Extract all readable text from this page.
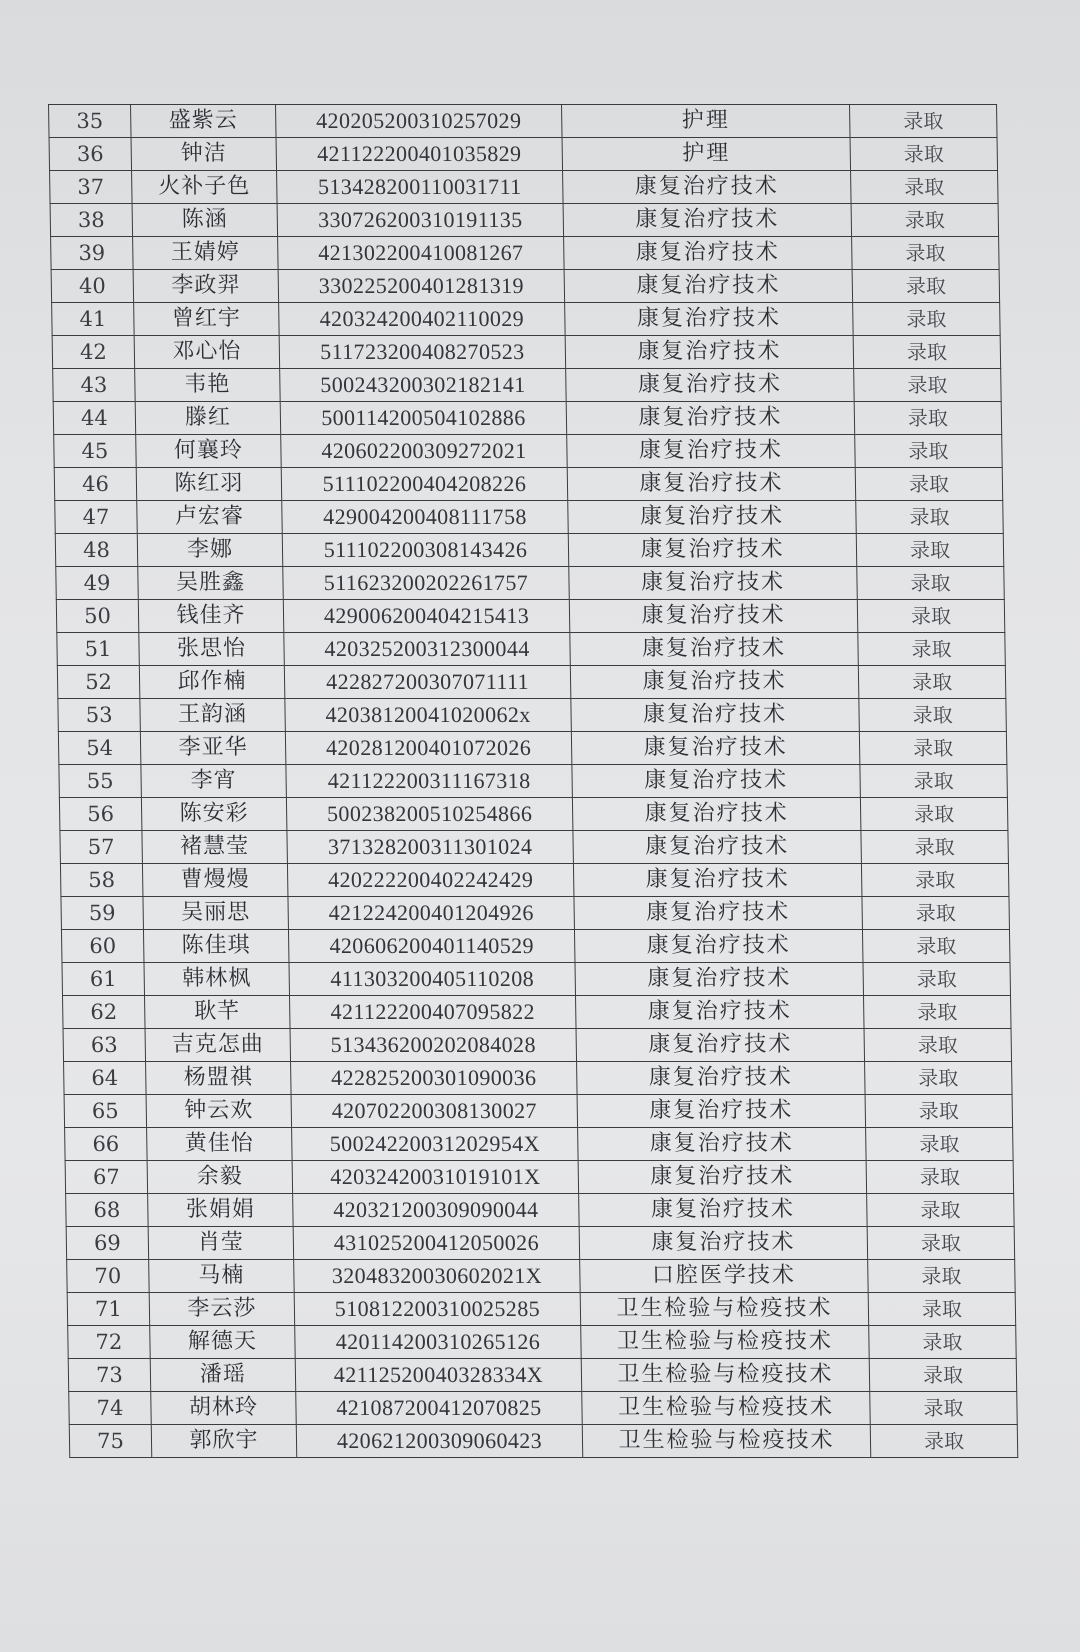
35	盛紫云	420205200310257029	护理	录取
36	钟洁	421122200401035829	护理	录取
37	火补子色	513428200110031711	康复治疗技术	录取
38	陈涵	330726200310191135	康复治疗技术	录取
39	王婧婷	421302200410081267	康复治疗技术	录取
40	李政羿	330225200401281319	康复治疗技术	录取
41	曾红宇	420324200402110029	康复治疗技术	录取
42	邓心怡	511723200408270523	康复治疗技术	录取
43	韦艳	500243200302182141	康复治疗技术	录取
44	滕红	500114200504102886	康复治疗技术	录取
45	何襄玲	420602200309272021	康复治疗技术	录取
46	陈红羽	511102200404208226	康复治疗技术	录取
47	卢宏睿	429004200408111758	康复治疗技术	录取
48	李娜	511102200308143426	康复治疗技术	录取
49	吴胜鑫	511623200202261757	康复治疗技术	录取
50	钱佳齐	429006200404215413	康复治疗技术	录取
51	张思怡	420325200312300044	康复治疗技术	录取
52	邱作楠	422827200307071111	康复治疗技术	录取
53	王韵涵	42038120041020062x	康复治疗技术	录取
54	李亚华	420281200401072026	康复治疗技术	录取
55	李宵	421122200311167318	康复治疗技术	录取
56	陈安彩	500238200510254866	康复治疗技术	录取
57	褚慧莹	371328200311301024	康复治疗技术	录取
58	曹熳熳	420222200402242429	康复治疗技术	录取
59	吴丽思	421224200401204926	康复治疗技术	录取
60	陈佳琪	420606200401140529	康复治疗技术	录取
61	韩林枫	411303200405110208	康复治疗技术	录取
62	耿芊	421122200407095822	康复治疗技术	录取
63	吉克怎曲	513436200202084028	康复治疗技术	录取
64	杨盟祺	422825200301090036	康复治疗技术	录取
65	钟云欢	420702200308130027	康复治疗技术	录取
66	黄佳怡	50024220031202954X	康复治疗技术	录取
67	余毅	42032420031019101X	康复治疗技术	录取
68	张娟娟	420321200309090044	康复治疗技术	录取
69	肖莹	431025200412050026	康复治疗技术	录取
70	马楠	32048320030602021X	口腔医学技术	录取
71	李云莎	510812200310025285	卫生检验与检疫技术	录取
72	解德天	420114200310265126	卫生检验与检疫技术	录取
73	潘瑶	42112520040328334X	卫生检验与检疫技术	录取
74	胡林玲	421087200412070825	卫生检验与检疫技术	录取
75	郭欣宇	420621200309060423	卫生检验与检疫技术	录取
